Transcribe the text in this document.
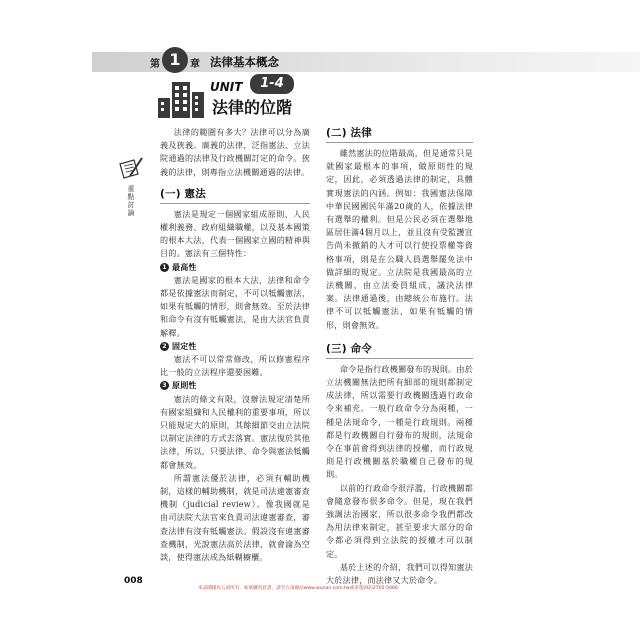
第 1 章 法律基本概念
UNIT	1-4
法律的位階
重點討論

法律的範圍有多大？法律可以分為廣義及狹義。廣義的法律，泛指憲法、立法院通過的法律及行政機關訂定的命令。狹義的法律，則專指立法機關通過的法律。

(一) 憲法

憲法是規定一個國家組成原則、人民權利義務、政府組織職權，以及基本國策的根本大法，代表一個國家立國的精神與目的。憲法有三個特性：

1 最高性

憲法是國家的根本大法，法律和命令都是依據憲法而制定，不可以牴觸憲法，如果有牴觸的情形，則會無效。至於法律和命令有沒有牴觸憲法，是由大法官負責解釋。

2 固定性

憲法不可以常常修改，所以修憲程序比一般的立法程序還要困難。

3 原則性

憲法的條文有限，沒辦法規定清楚所有國家組織和人民權利的重要事項，所以只能規定大的原則，其餘細節交由立法院以制定法律的方式去落實。憲法復於其他法律，所以，只要法律、命令與憲法牴觸都會無效。

所謂憲法優於法律，必須有輔助機制，這樣的輔助機制，就是司法違憲審查機制（judicial review）。像我國就是由司法院大法官來負責司法違憲審查，審查法律有沒有牴觸憲法。假設沒有違憲審查機制，光說憲法高於法律，就會淪為空談，使得憲法成為紙糊櫥櫃。

(二) 法律

雖然憲法的位階最高，但是通常只是就國家最根本的事項，做原則性的規定，因此，必須透過法律的制定，具體實現憲法的內涵。例如：我國憲法保障中華民國國民年滿20歲的人，依據法律有選舉的權利。但是公民必須在選舉地區居住滿4個月以上，並且沒有受監護宣告尚未撤銷的人才可以行使投票權等資格事項，則是在公職人員選舉罷免法中做詳細的規定。立法院是我國最高的立法機關，由立法委員組成，議決法律案。法律通過後，由總統公布施行。法律不可以牴觸憲法，如果有牴觸的情形，則會無效。

(三) 命令

命令是指行政機關發布的規則。由於立法機關無法把所有細部的規則都制定成法律，所以需要行政機關透過行政命令來補充。一般行政命令分為兩種，一種是法規命令，一種是行政規則。兩種都是行政機關自行發布的規則，法規命令在事前會得到法律的授權，而行政規則是行政機關基於職權自己發布的規則。

以前的行政命令很浮濫，行政機關都會隨意發布很多命令。但是，現在我們強調法治國家，所以很多命令我們都改為用法律來制定，甚至要求大部分的命令都必須得到立法院的授權才可以制定。

基於上述的介紹，我們可以得知憲法大於法律，而法律又大於命令。

008
本試閱樣為五南所有，如欲購買此書，請至五南網站www.wunan.com.tw或來電(02)2705-5066
